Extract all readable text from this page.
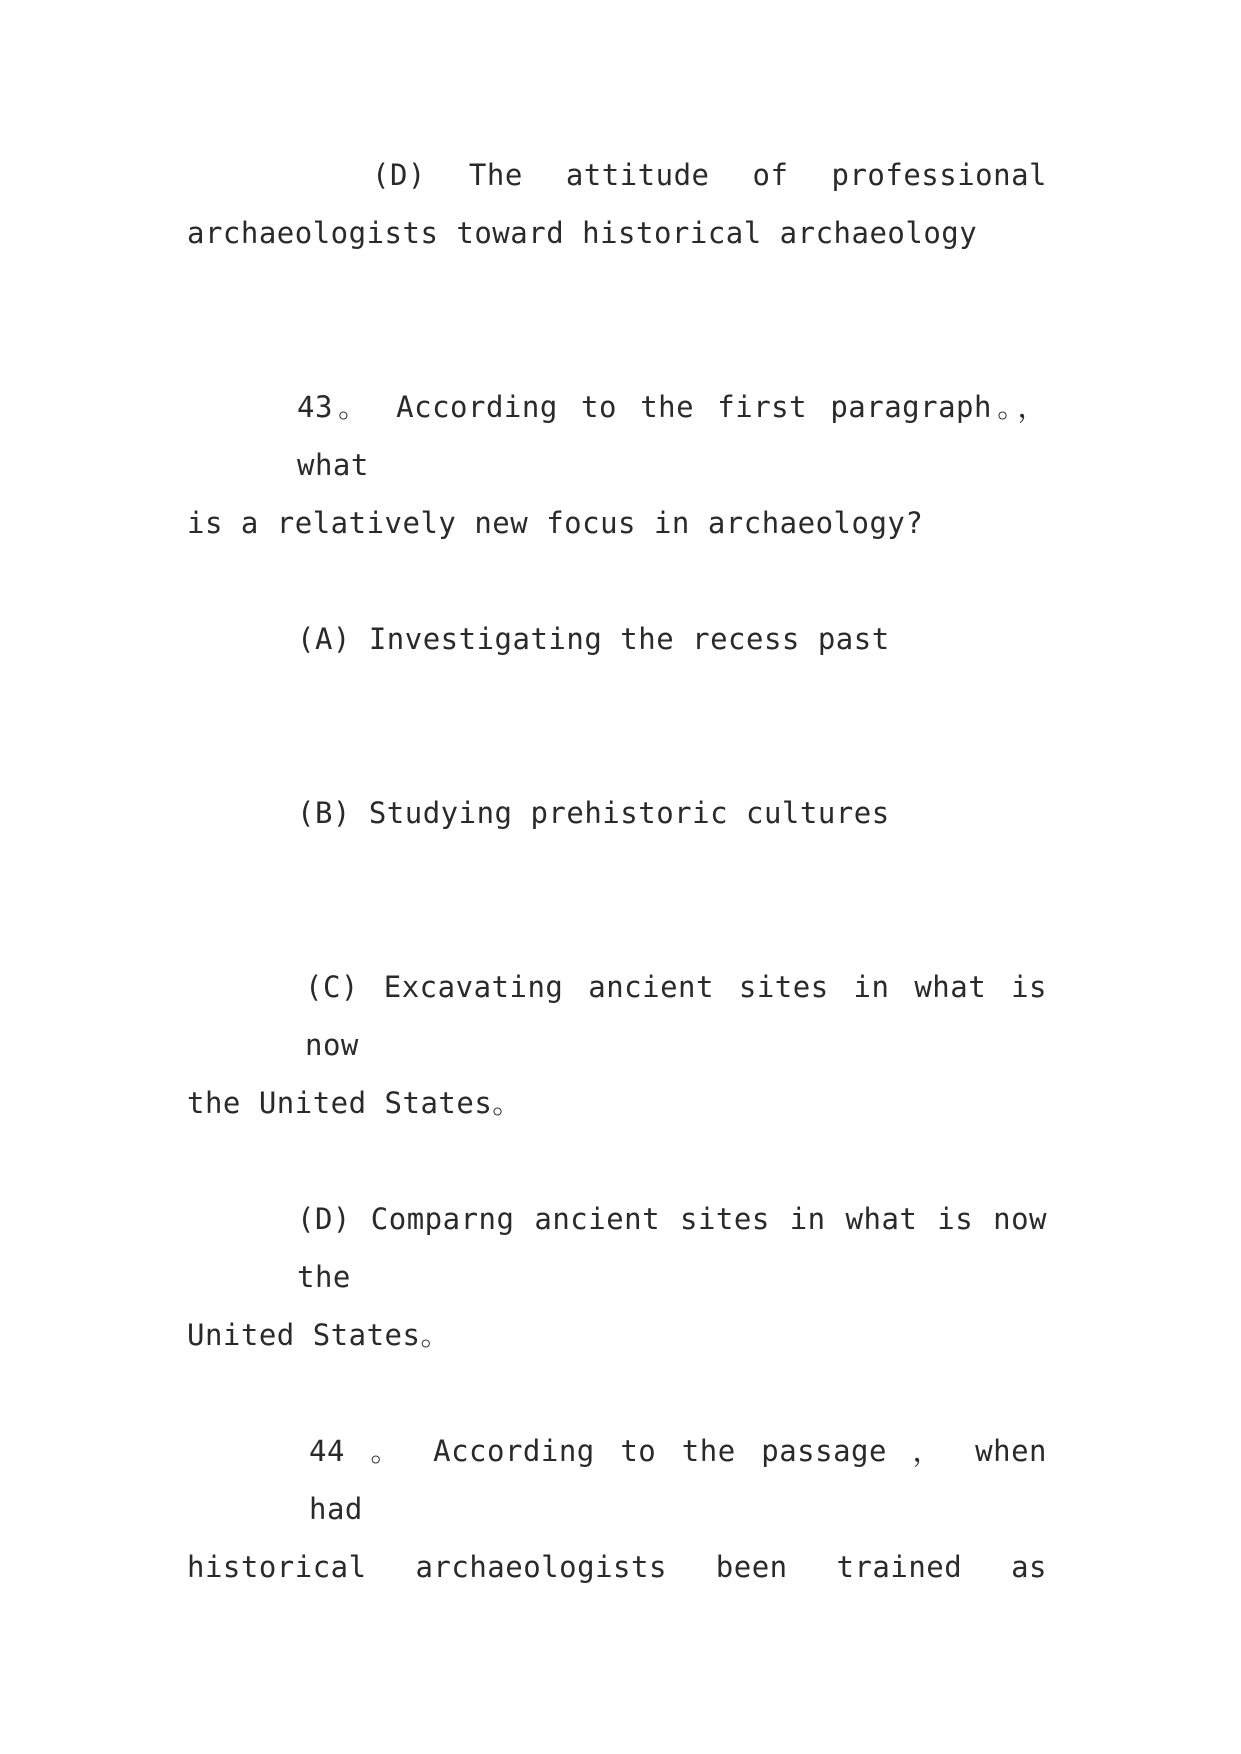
(D) The attitude of professional
archaeologists toward historical archaeology
43。 According to the first paragraph。， what
is a relatively new focus in archaeology?
(A) Investigating the recess past
(B) Studying prehistoric cultures
(C) Excavating ancient sites in what is now
the United States。
(D) Comparng ancient sites in what is now the
United States。
44 。 According to the passage ， when had
historical archaeologists been trained as
